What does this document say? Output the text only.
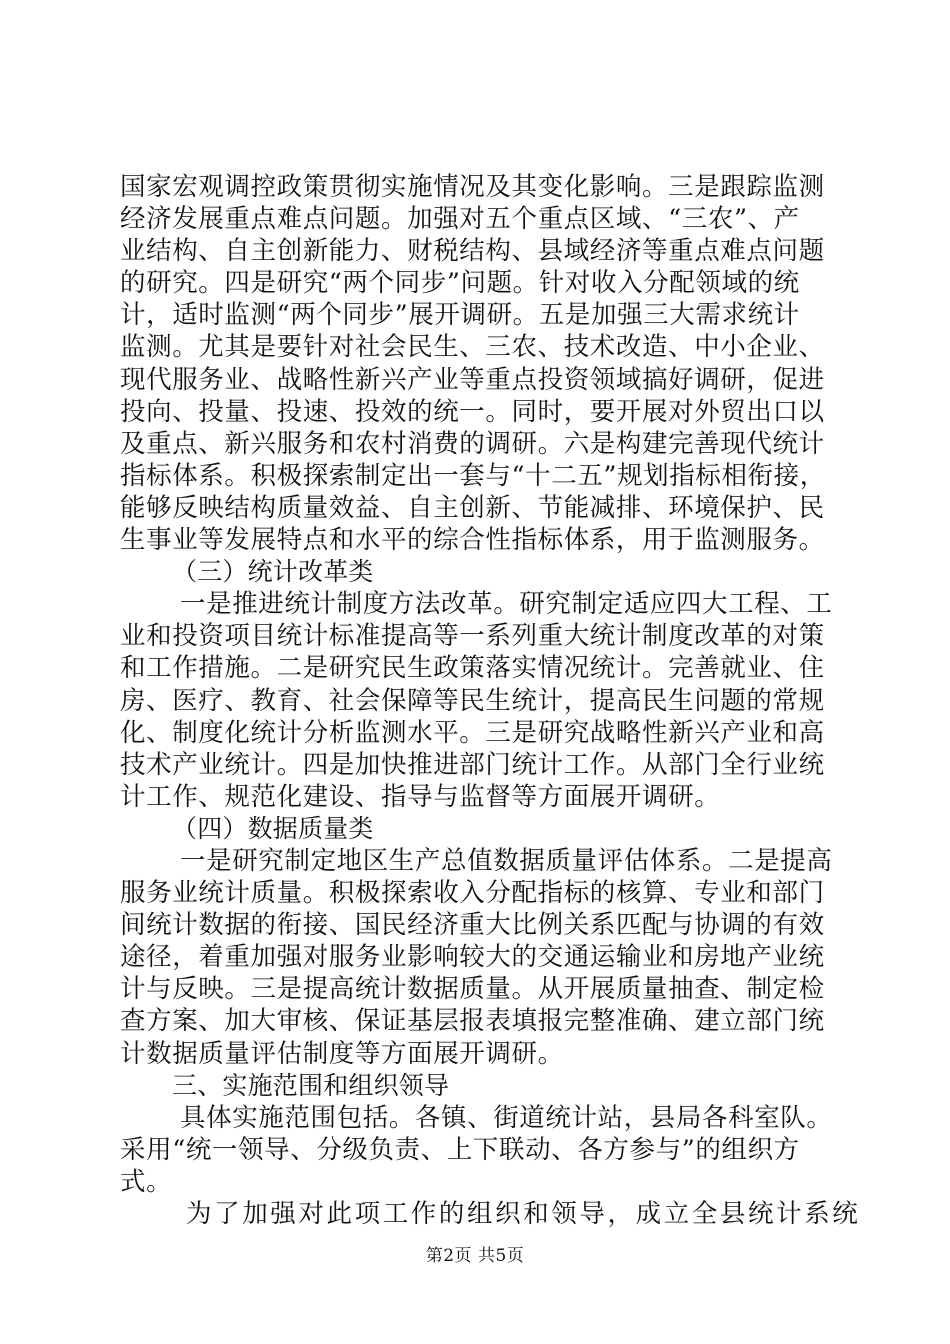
国家宏观调控政策贯彻实施情况及其变化影响。三是跟踪监测
经济发展重点难点问题。加强对五个重点区域、“三农”、产
业结构、自主创新能力、财税结构、县域经济等重点难点问题
的研究。四是研究“两个同步”问题。针对收入分配领域的统
计，适时监测“两个同步”展开调研。五是加强三大需求统计
监测。尤其是要针对社会民生、三农、技术改造、中小企业、
现代服务业、战略性新兴产业等重点投资领域搞好调研，促进
投向、投量、投速、投效的统一。同时，要开展对外贸出口以
及重点、新兴服务和农村消费的调研。六是构建完善现代统计
指标体系。积极探索制定出一套与“十二五”规划指标相衔接，
能够反映结构质量效益、自主创新、节能减排、环境保护、民
生事业等发展特点和水平的综合性指标体系，用于监测服务。
（三）统计改革类
一是推进统计制度方法改革。研究制定适应四大工程、工
业和投资项目统计标准提高等一系列重大统计制度改革的对策
和工作措施。二是研究民生政策落实情况统计。完善就业、住
房、医疗、教育、社会保障等民生统计，提高民生问题的常规
化、制度化统计分析监测水平。三是研究战略性新兴产业和高
技术产业统计。四是加快推进部门统计工作。从部门全行业统
计工作、规范化建设、指导与监督等方面展开调研。
（四）数据质量类
一是研究制定地区生产总值数据质量评估体系。二是提高
服务业统计质量。积极探索收入分配指标的核算、专业和部门
间统计数据的衔接、国民经济重大比例关系匹配与协调的有效
途径，着重加强对服务业影响较大的交通运输业和房地产业统
计与反映。三是提高统计数据质量。从开展质量抽查、制定检
查方案、加大审核、保证基层报表填报完整准确、建立部门统
计数据质量评估制度等方面展开调研。
三、实施范围和组织领导
具体实施范围包括。各镇、街道统计站，县局各科室队。
采用“统一领导、分级负责、上下联动、各方参与”的组织方
式。
为了加强对此项工作的组织和领导，成立全县统计系统
第2页 共5页
